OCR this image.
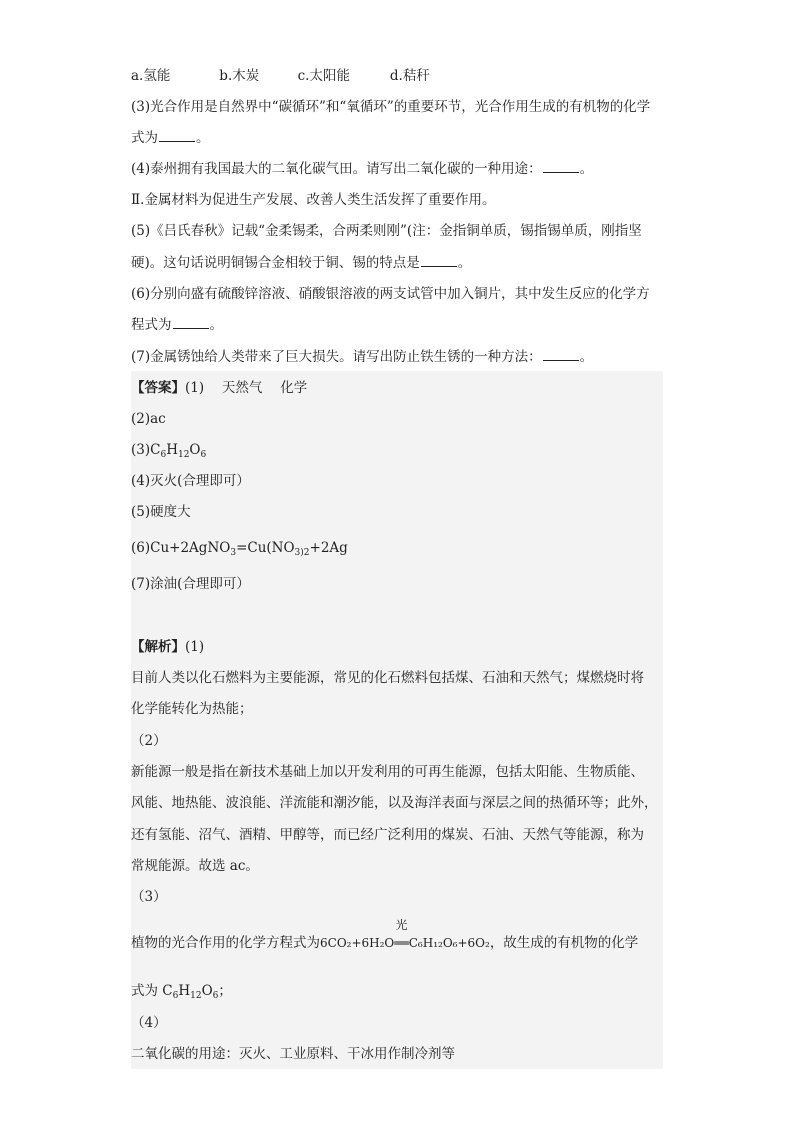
a.氢能	b.木炭	c.太阳能	d.秸秆
(3)光合作用是自然界中“碳循环”和“氧循环”的重要环节，光合作用生成的有机物的化学
式为	。
(4)泰州拥有我国最大的二氧化碳气田。请写出二氧化碳的一种用途：	。
Ⅱ.金属材料为促进生产发展、改善人类生活发挥了重要作用。
(5)《吕氏春秋》记载“金柔锡柔，合两柔则刚”(注：金指铜单质，锡指锡单质，刚指坚
硬)。这句话说明铜锡合金相较于铜、锡的特点是	。
(6)分别向盛有硫酸锌溶液、硝酸银溶液的两支试管中加入铜片，其中发生反应的化学方
程式为	。
(7)金属锈蚀给人类带来了巨大损失。请写出防止铁生锈的一种方法：	。
【答案】(1)　 天然气　 化学
(2)ac
$(3)C_6H_{12}O_6$
(4)灭火(合理即可）
(5)硬度大
$(6)Cu+2AgNO_3=Cu(NO_{3)2}+2Ag$
(7)涂油(合理即可）
【解析】(1)
目前人类以化石燃料为主要能源，常见的化石燃料包括煤、石油和天然气；煤燃烧时将
化学能转化为热能；
（2）
新能源一般是指在新技术基础上加以开发利用的可再生能源，包括太阳能、生物质能、
风能、地热能、波浪能、洋流能和潮汐能，以及海洋表面与深层之间的热循环等；此外，
还有氢能、沼气、酒精、甲醇等，而已经广泛利用的煤炭、石油、天然气等能源，称为
常规能源。故选 ac。
（3）
植物的光合作用的化学方程式为6CO₂+6H₂O
光
══C₆H₁₂O₆+6O₂，故生成的有机物的化学
式为 $C_6H_{12}O_6$；
（4）
二氧化碳的用途：灭火、工业原料、干冰用作制冷剂等
